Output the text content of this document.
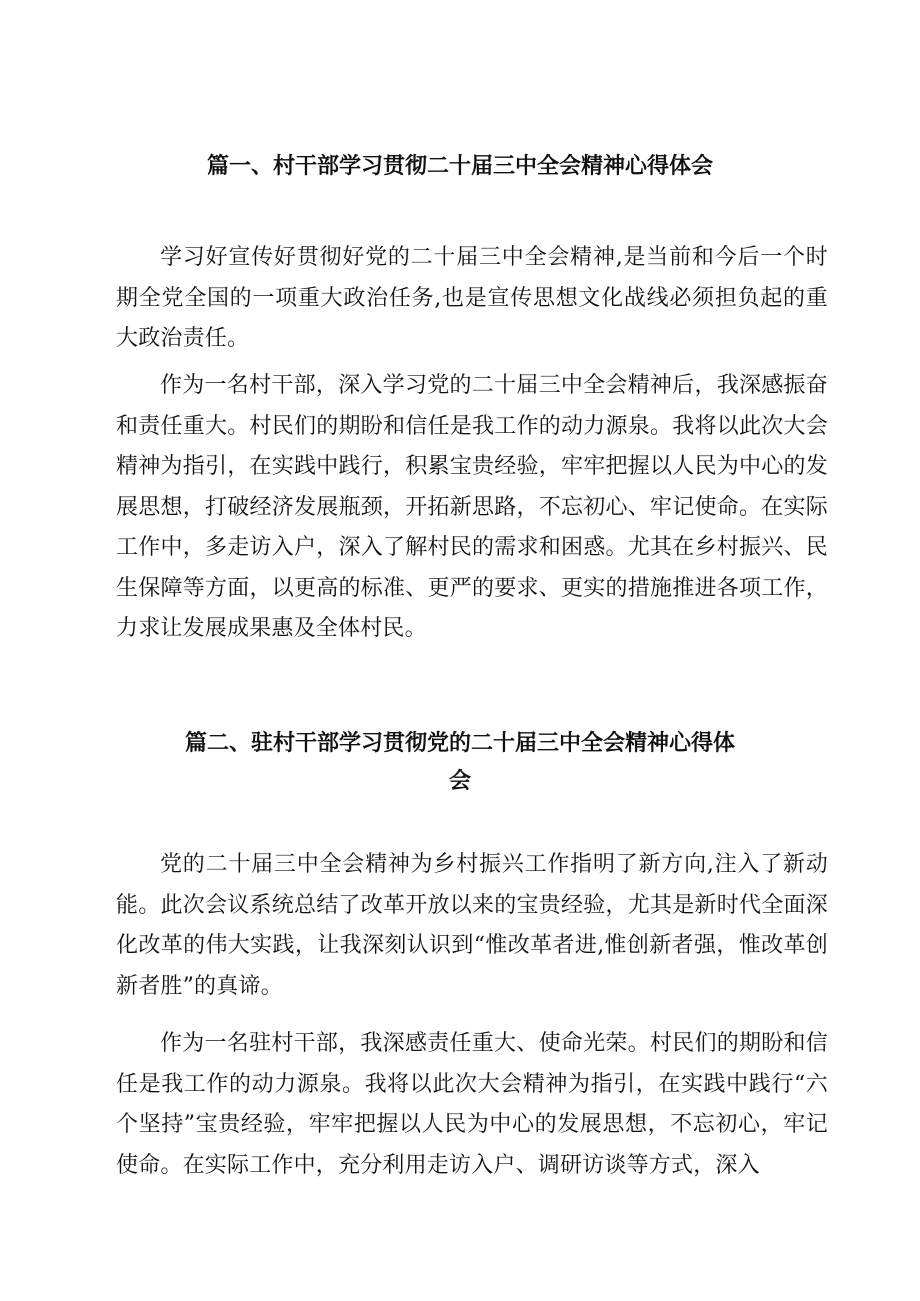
篇一、村干部学习贯彻二十届三中全会精神心得体会

学习好宣传好贯彻好党的二十届三中全会精神,是当前和今后一个时期全党全国的一项重大政治任务,也是宣传思想文化战线必须担负起的重大政治责任。

作为一名村干部，深入学习党的二十届三中全会精神后，我深感振奋和责任重大。村民们的期盼和信任是我工作的动力源泉。我将以此次大会精神为指引，在实践中践行，积累宝贵经验，牢牢把握以人民为中心的发展思想，打破经济发展瓶颈，开拓新思路，不忘初心、牢记使命。在实际工作中，多走访入户，深入了解村民的需求和困惑。尤其在乡村振兴、民生保障等方面，以更高的标准、更严的要求、更实的措施推进各项工作，力求让发展成果惠及全体村民。

篇二、驻村干部学习贯彻党的二十届三中全会精神心得体
会

党的二十届三中全会精神为乡村振兴工作指明了新方向,注入了新动能。此次会议系统总结了改革开放以来的宝贵经验，尤其是新时代全面深化改革的伟大实践，让我深刻认识到“惟改革者进,惟创新者强，惟改革创新者胜”的真谛。

作为一名驻村干部，我深感责任重大、使命光荣。村民们的期盼和信任是我工作的动力源泉。我将以此次大会精神为指引，在实践中践行“六个坚持”宝贵经验，牢牢把握以人民为中心的发展思想，不忘初心，牢记使命。在实际工作中，充分利用走访入户、调研访谈等方式，深入
